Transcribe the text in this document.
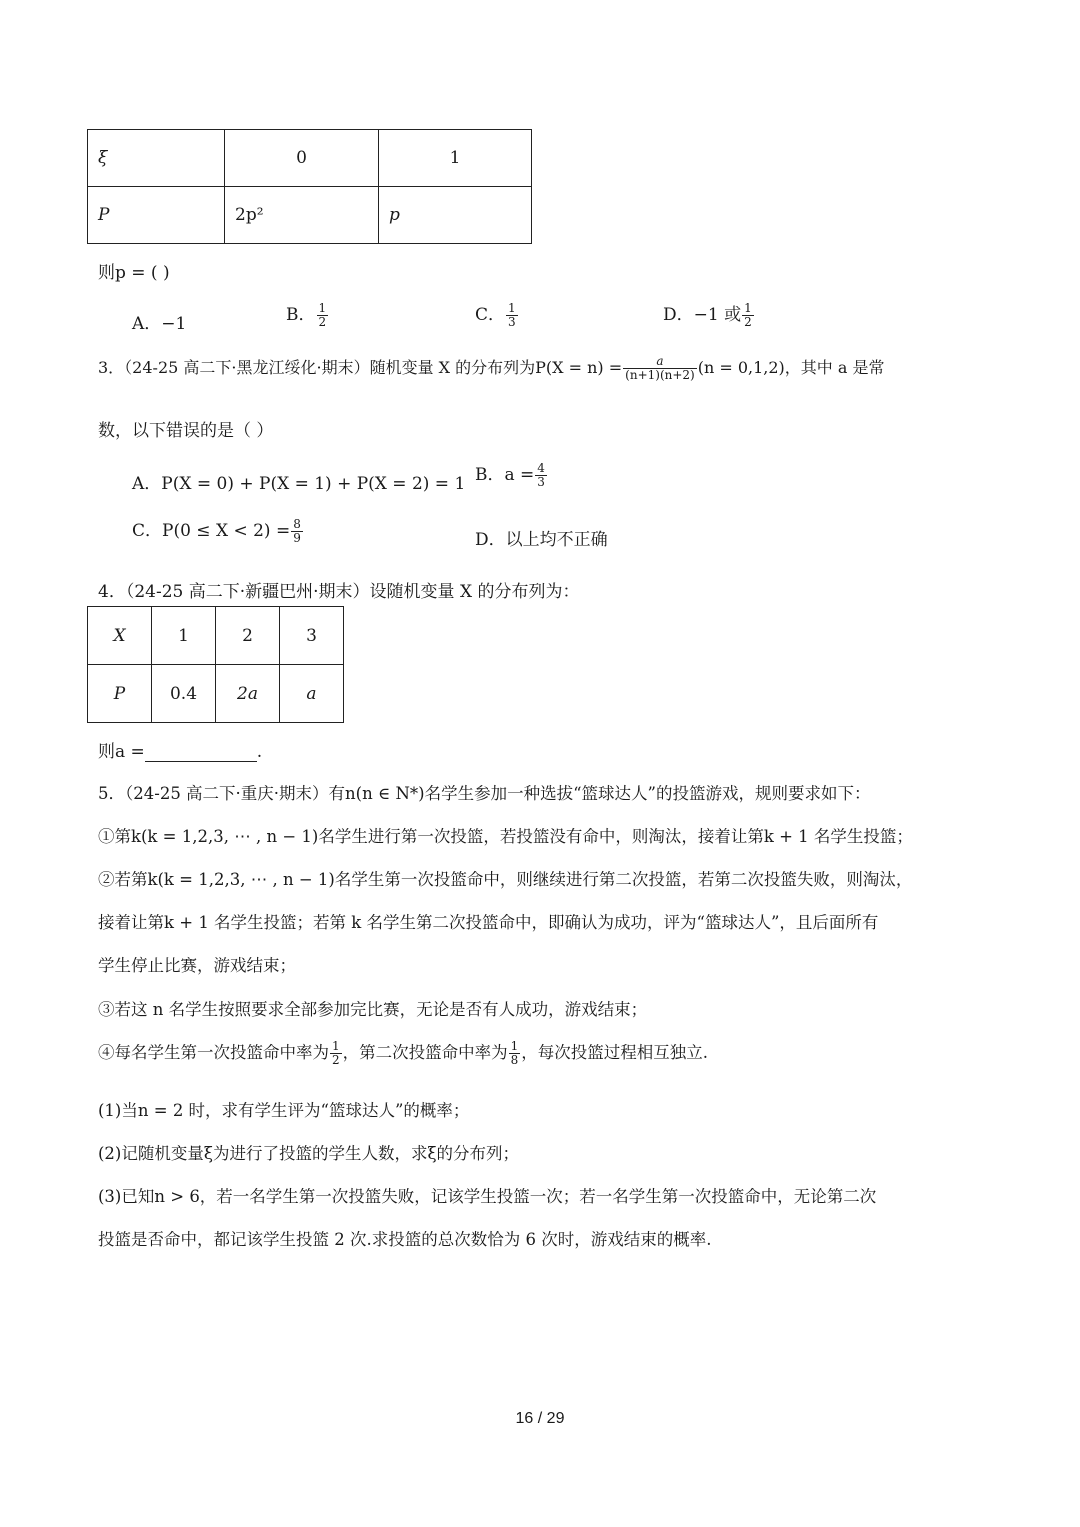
ξ	0	1
P	2p²	p
则p = ( )
A．−1	B． $\frac{1}{2}$	C． $\frac{1}{3}$	D．−1 或 $\frac{1}{2}$
3．（24-25 高二下·黑龙江绥化·期末）随机变量 X 的分布列为$P(X = n) = \frac{a}{(n+1)(n+2)} (n = 0,1,2)$，其中 a 是常
数，以下错误的是（ ）
A．P(X = 0) + P(X = 1) + P(X = 2) = 1 B．$a = \frac{4}{3}$
C．$P(0 \le X < 2) = \frac{8}{9}$	D．以上均不正确
4．（24-25 高二下·新疆巴州·期末）设随机变量 X 的分布列为：
X	1	2	3
P	0.4	2a	a
则a =	.
5．（24-25 高二下·重庆·期末）有n(n ∈ N*)名学生参加一种选拔“篮球达人”的投篮游戏，规则要求如下：
①第k(k = 1,2,3, ⋯ , n − 1)名学生进行第一次投篮，若投篮没有命中，则淘汰，接着让第k + 1 名学生投篮；
②若第k(k = 1,2,3, ⋯ , n − 1)名学生第一次投篮命中，则继续进行第二次投篮，若第二次投篮失败，则淘汰，
接着让第k + 1 名学生投篮；若第 k 名学生第二次投篮命中，即确认为成功，评为“篮球达人”，且后面所有
学生停止比赛，游戏结束；
③若这 n 名学生按照要求全部参加完比赛，无论是否有人成功，游戏结束；
④每名学生第一次投篮命中率为 $\frac{1}{2}$ ，第二次投篮命中率为 $\frac{1}{8}$ ，每次投篮过程相互独立.
(1)当n = 2 时，求有学生评为“篮球达人”的概率；
(2)记随机变量ξ为进行了投篮的学生人数，求ξ的分布列；
(3)已知n > 6，若一名学生第一次投篮失败，记该学生投篮一次；若一名学生第一次投篮命中，无论第二次
投篮是否命中，都记该学生投篮 2 次.求投篮的总次数恰为 6 次时，游戏结束的概率.
16 / 29
